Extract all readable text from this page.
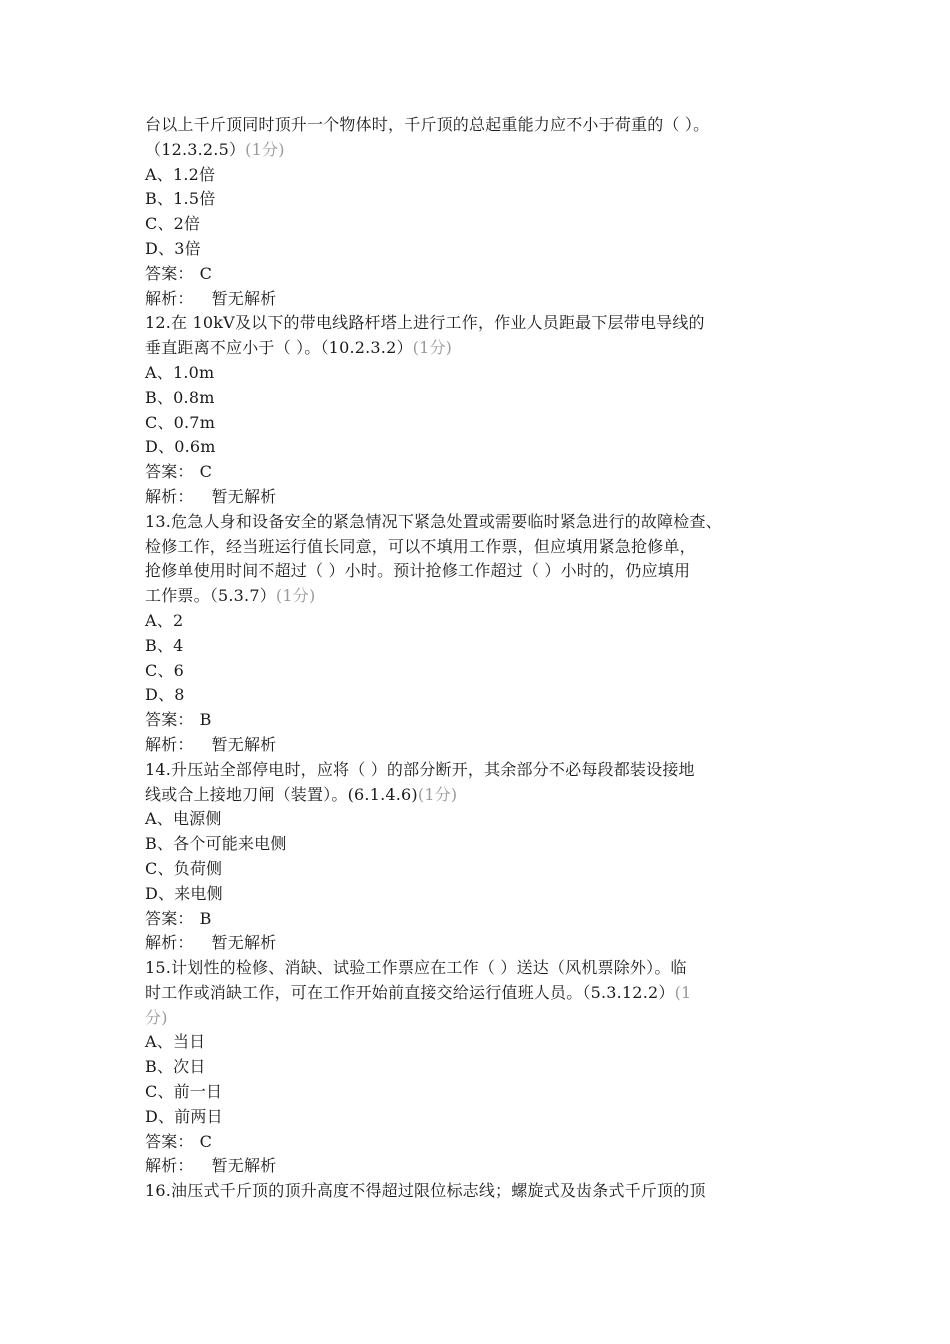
台以上千斤顶同时顶升一个物体时，千斤顶的总起重能力应不小于荷重的（ ）。
（12.3.2.5）(1分)
A、1.2倍
B、1.5倍
C、2倍
D、3倍
答案： C
解析： 暂无解析
12.在 10kV及以下的带电线路杆塔上进行工作，作业人员距最下层带电导线的
垂直距离不应小于（ ）。（10.2.3.2）(1分)
A、1.0m
B、0.8m
C、0.7m
D、0.6m
答案： C
解析： 暂无解析
13.危急人身和设备安全的紧急情况下紧急处置或需要临时紧急进行的故障检查、
检修工作，经当班运行值长同意，可以不填用工作票，但应填用紧急抢修单，
抢修单使用时间不超过（ ）小时。预计抢修工作超过（ ）小时的，仍应填用
工作票。（5.3.7）(1分)
A、2
B、4
C、6
D、8
答案： B
解析： 暂无解析
14.升压站全部停电时，应将（ ）的部分断开，其余部分不必每段都装设接地
线或合上接地刀闸（装置）。(6.1.4.6)(1分)
A、电源侧
B、各个可能来电侧
C、负荷侧
D、来电侧
答案： B
解析： 暂无解析
15.计划性的检修、消缺、试验工作票应在工作（ ）送达（风机票除外）。临
时工作或消缺工作，可在工作开始前直接交给运行值班人员。（5.3.12.2）(1
分)
A、当日
B、次日
C、前一日
D、前两日
答案： C
解析： 暂无解析
16.油压式千斤顶的顶升高度不得超过限位标志线；螺旋式及齿条式千斤顶的顶
